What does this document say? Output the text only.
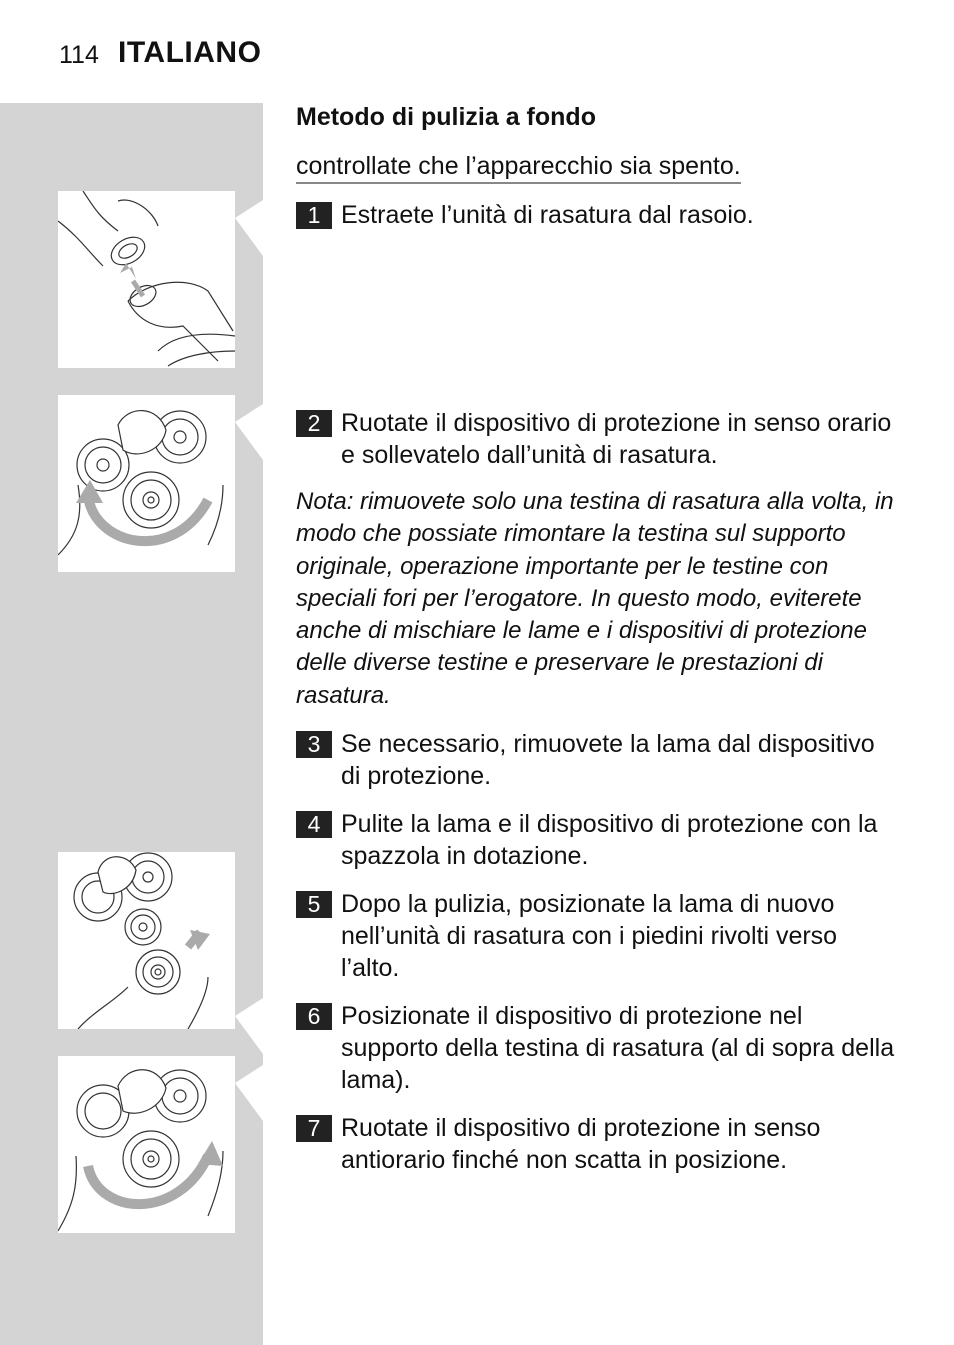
114 ITALIANO
Metodo di pulizia a fondo
controllate che l’apparecchio sia spento.
1 Estraete l’unità di rasatura dal rasoio.
2 Ruotate il dispositivo di protezione in senso orario e sollevatelo dall’unità di rasatura.
Nota: rimuovete solo una testina di rasatura alla volta, in modo che possiate rimontare la testina sul supporto originale, operazione importante per le testine con speciali fori per l’erogatore. In questo modo, eviterete anche di mischiare le lame e i dispositivi di protezione delle diverse testine e preservare le prestazioni di rasatura.
3 Se necessario, rimuovete la lama dal dispositivo di protezione.
4 Pulite la lama e il dispositivo di protezione con la spazzola in dotazione.
5 Dopo la pulizia, posizionate la lama di nuovo nell’unità di rasatura con i piedini rivolti verso l’alto.
6 Posizionate il dispositivo di protezione nel supporto della testina di rasatura (al di sopra della lama).
7 Ruotate il dispositivo di protezione in senso antiorario finché non scatta in posizione.
